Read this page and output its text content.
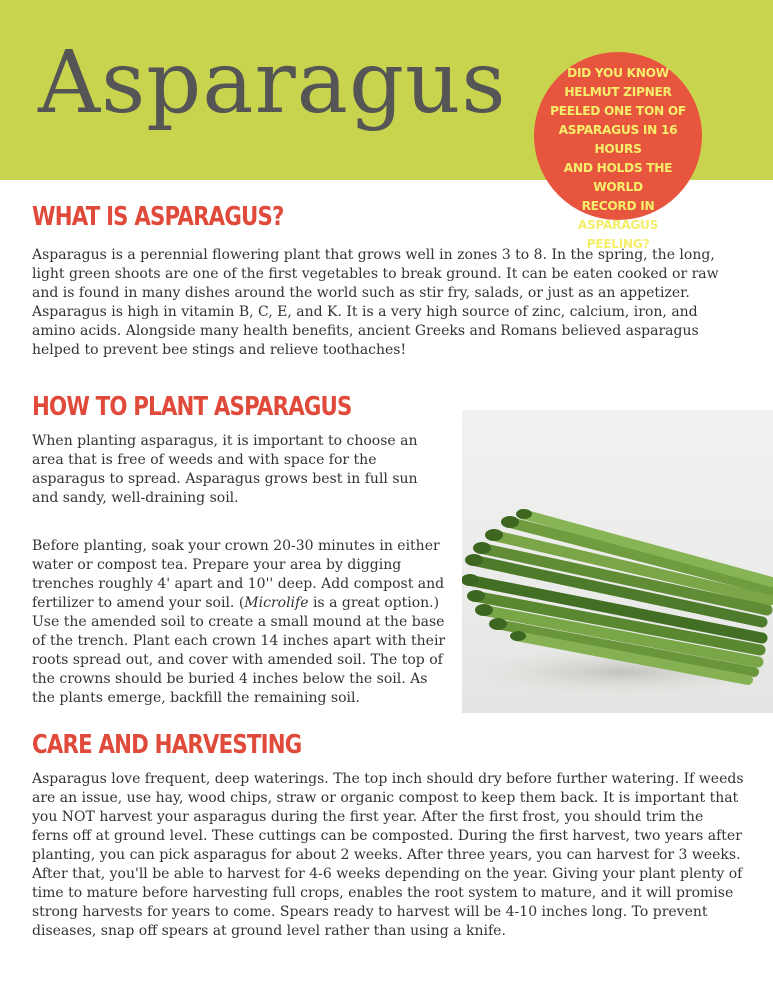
Asparagus	DID YOU KNOW
HELMUT ZIPNER
PEELED ONE TON OF
ASPARAGUS IN 16 HOURS
AND HOLDS THE WORLD
RECORD IN ASPARAGUS
PEELING?
WHAT IS ASPARAGUS?

Asparagus is a perennial flowering plant that grows well in zones 3 to 8. In the spring, the long, light green shoots are one of the first vegetables to break ground. It can be eaten cooked or raw and is found in many dishes around the world such as stir fry, salads, or just as an appetizer. Asparagus is high in vitamin B, C, E, and K. It is a very high source of zinc, calcium, iron, and amino acids. Alongside many health benefits, ancient Greeks and Romans believed asparagus helped to prevent bee stings and relieve toothaches!

HOW TO PLANT ASPARAGUS

When planting asparagus, it is important to choose an area that is free of weeds and with space for the asparagus to spread. Asparagus grows best in full sun and sandy, well-draining soil.

Before planting, soak your crown 20-30 minutes in either water or compost tea. Prepare your area by digging trenches roughly 4' apart and 10'' deep. Add compost and fertilizer to amend your soil. (Microlife is a great option.) Use the amended soil to create a small mound at the base of the trench. Plant each crown 14 inches apart with their roots spread out, and cover with amended soil. The top of the crowns should be buried 4 inches below the soil. As the plants emerge, backfill the remaining soil.

CARE AND HARVESTING

Asparagus love frequent, deep waterings. The top inch should dry before further watering. If weeds are an issue, use hay, wood chips, straw or organic compost to keep them back. It is important that you NOT harvest your asparagus during the first year. After the first frost, you should trim the ferns off at ground level. These cuttings can be composted. During the first harvest, two years after planting, you can pick asparagus for about 2 weeks. After three years, you can harvest for 3 weeks. After that, you'll be able to harvest for 4-6 weeks depending on the year. Giving your plant plenty of time to mature before harvesting full crops, enables the root system to mature, and it will promise strong harvests for years to come. Spears ready to harvest will be 4-10 inches long. To prevent diseases, snap off spears at ground level rather than using a knife.
